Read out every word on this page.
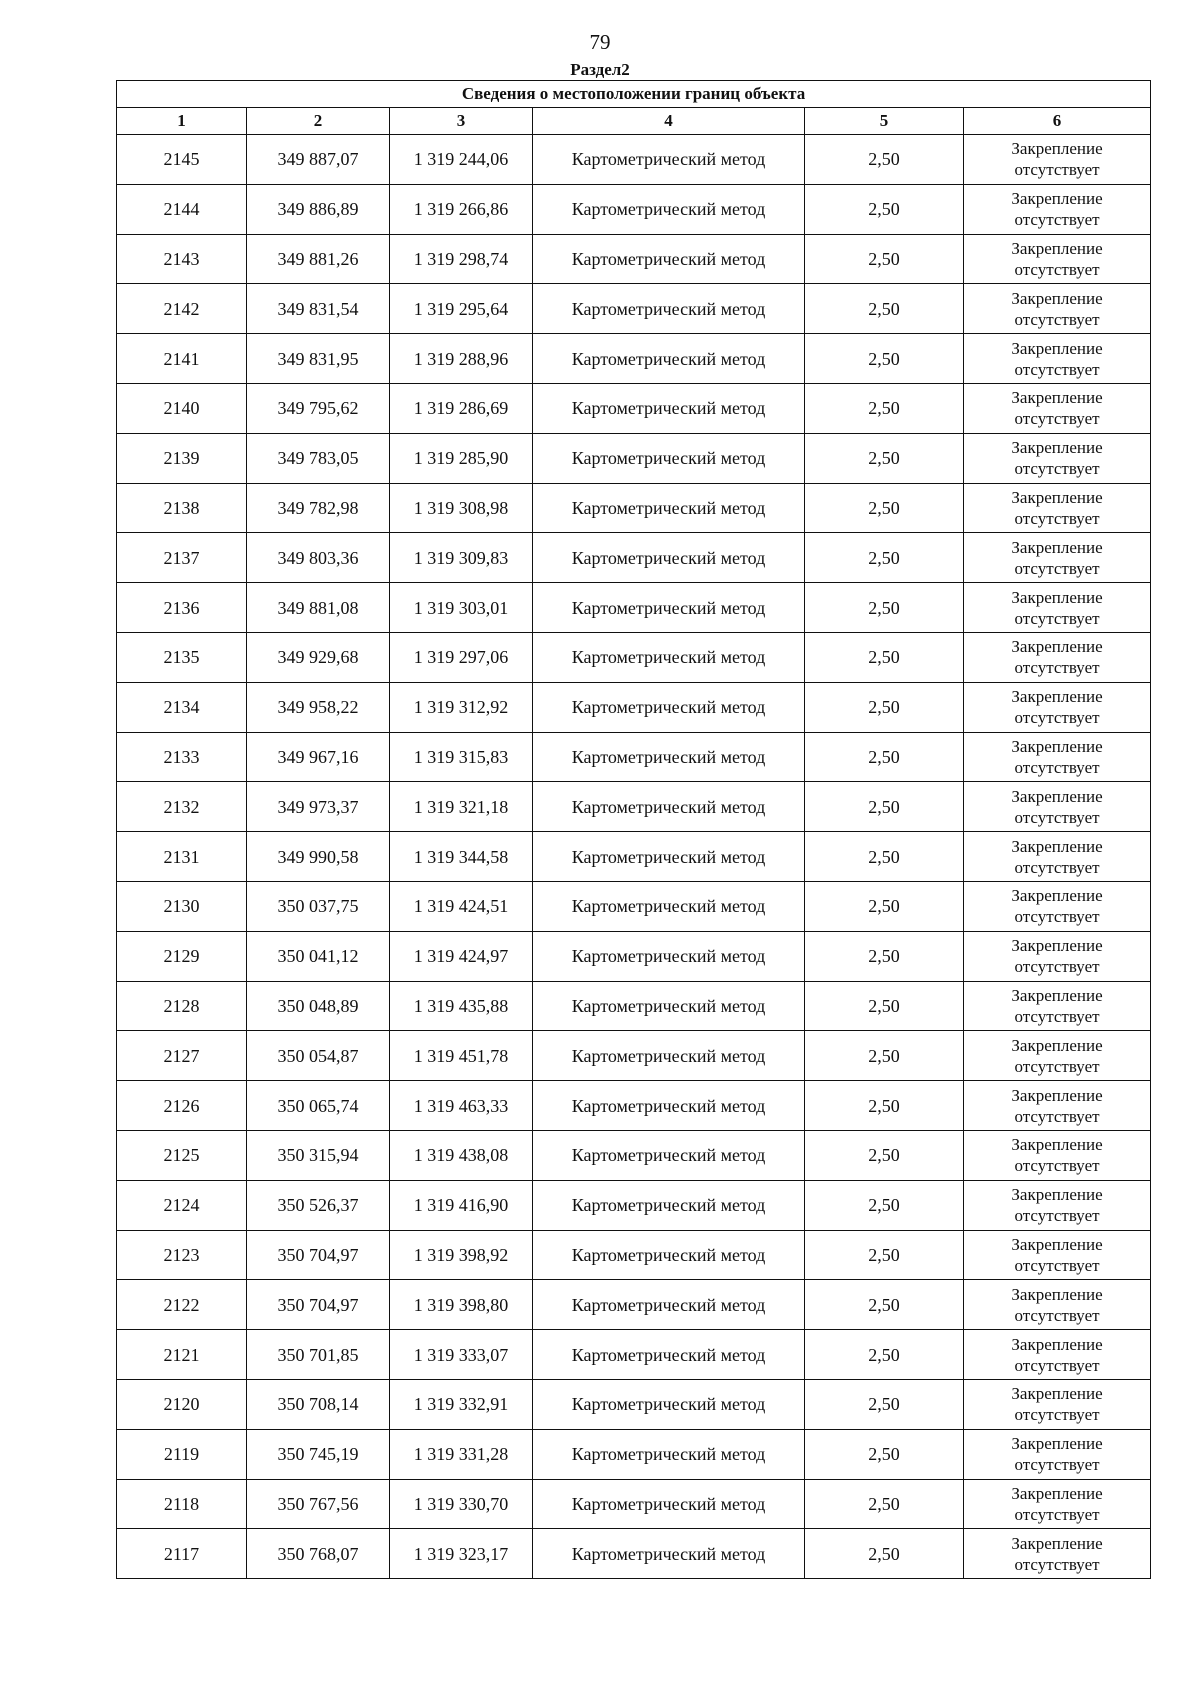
79
Раздел2
Сведения о местоположении границ объекта					
1	2	3	4	5	6
2145	349 887,07	1 319 244,06	Картометрический метод	2,50	Закрепление
отсутствует

2144	349 886,89	1 319 266,86	Картометрический метод	2,50	Закрепление
отсутствует

2143	349 881,26	1 319 298,74	Картометрический метод	2,50	Закрепление
отсутствует

2142	349 831,54	1 319 295,64	Картометрический метод	2,50	Закрепление
отсутствует

2141	349 831,95	1 319 288,96	Картометрический метод	2,50	Закрепление
отсутствует

2140	349 795,62	1 319 286,69	Картометрический метод	2,50	Закрепление
отсутствует

2139	349 783,05	1 319 285,90	Картометрический метод	2,50	Закрепление
отсутствует

2138	349 782,98	1 319 308,98	Картометрический метод	2,50	Закрепление
отсутствует

2137	349 803,36	1 319 309,83	Картометрический метод	2,50	Закрепление
отсутствует

2136	349 881,08	1 319 303,01	Картометрический метод	2,50	Закрепление
отсутствует

2135	349 929,68	1 319 297,06	Картометрический метод	2,50	Закрепление
отсутствует

2134	349 958,22	1 319 312,92	Картометрический метод	2,50	Закрепление
отсутствует

2133	349 967,16	1 319 315,83	Картометрический метод	2,50	Закрепление
отсутствует

2132	349 973,37	1 319 321,18	Картометрический метод	2,50	Закрепление
отсутствует

2131	349 990,58	1 319 344,58	Картометрический метод	2,50	Закрепление
отсутствует

2130	350 037,75	1 319 424,51	Картометрический метод	2,50	Закрепление
отсутствует

2129	350 041,12	1 319 424,97	Картометрический метод	2,50	Закрепление
отсутствует

2128	350 048,89	1 319 435,88	Картометрический метод	2,50	Закрепление
отсутствует

2127	350 054,87	1 319 451,78	Картометрический метод	2,50	Закрепление
отсутствует

2126	350 065,74	1 319 463,33	Картометрический метод	2,50	Закрепление
отсутствует

2125	350 315,94	1 319 438,08	Картометрический метод	2,50	Закрепление
отсутствует

2124	350 526,37	1 319 416,90	Картометрический метод	2,50	Закрепление
отсутствует

2123	350 704,97	1 319 398,92	Картометрический метод	2,50	Закрепление
отсутствует

2122	350 704,97	1 319 398,80	Картометрический метод	2,50	Закрепление
отсутствует

2121	350 701,85	1 319 333,07	Картометрический метод	2,50	Закрепление
отсутствует

2120	350 708,14	1 319 332,91	Картометрический метод	2,50	Закрепление
отсутствует

2119	350 745,19	1 319 331,28	Картометрический метод	2,50	Закрепление
отсутствует

2118	350 767,56	1 319 330,70	Картометрический метод	2,50	Закрепление
отсутствует

2117	350 768,07	1 319 323,17	Картометрический метод	2,50	Закрепление
отсутствует
